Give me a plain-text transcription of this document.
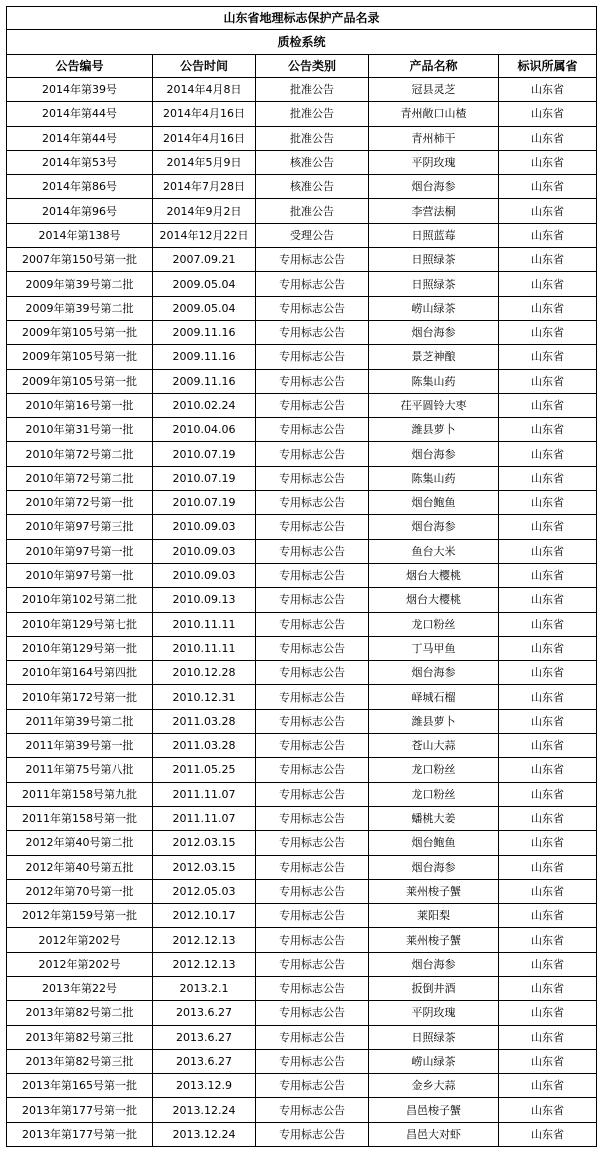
山东省地理标志保护产品名录				
质检系统				
公告编号	公告时间	公告类别	产品名称	标识所属省
2014年第39号	2014年4月8日	批准公告	冠县灵芝	山东省
2014年第44号	2014年4月16日	批准公告	青州敞口山楂	山东省
2014年第44号	2014年4月16日	批准公告	青州柿干	山东省
2014年第53号	2014年5月9日	核准公告	平阴玫瑰	山东省
2014年第86号	2014年7月28日	核准公告	烟台海参	山东省
2014年第96号	2014年9月2日	批准公告	李营法桐	山东省
2014年第138号	2014年12月22日	受理公告	日照蓝莓	山东省
2007年第150号第一批	2007.09.21	专用标志公告	日照绿茶	山东省
2009年第39号第二批	2009.05.04	专用标志公告	日照绿茶	山东省
2009年第39号第二批	2009.05.04	专用标志公告	崂山绿茶	山东省
2009年第105号第一批	2009.11.16	专用标志公告	烟台海参	山东省
2009年第105号第一批	2009.11.16	专用标志公告	景芝神酿	山东省
2009年第105号第一批	2009.11.16	专用标志公告	陈集山药	山东省
2010年第16号第一批	2010.02.24	专用标志公告	茌平圆铃大枣	山东省
2010年第31号第一批	2010.04.06	专用标志公告	潍县萝卜	山东省
2010年第72号第二批	2010.07.19	专用标志公告	烟台海参	山东省
2010年第72号第二批	2010.07.19	专用标志公告	陈集山药	山东省
2010年第72号第一批	2010.07.19	专用标志公告	烟台鲍鱼	山东省
2010年第97号第三批	2010.09.03	专用标志公告	烟台海参	山东省
2010年第97号第一批	2010.09.03	专用标志公告	鱼台大米	山东省
2010年第97号第一批	2010.09.03	专用标志公告	烟台大樱桃	山东省
2010年第102号第二批	2010.09.13	专用标志公告	烟台大樱桃	山东省
2010年第129号第七批	2010.11.11	专用标志公告	龙口粉丝	山东省
2010年第129号第一批	2010.11.11	专用标志公告	丁马甲鱼	山东省
2010年第164号第四批	2010.12.28	专用标志公告	烟台海参	山东省
2010年第172号第一批	2010.12.31	专用标志公告	峄城石榴	山东省
2011年第39号第二批	2011.03.28	专用标志公告	潍县萝卜	山东省
2011年第39号第一批	2011.03.28	专用标志公告	苍山大蒜	山东省
2011年第75号第八批	2011.05.25	专用标志公告	龙口粉丝	山东省
2011年第158号第九批	2011.11.07	专用标志公告	龙口粉丝	山东省
2011年第158号第一批	2011.11.07	专用标志公告	蟠桃大姜	山东省
2012年第40号第二批	2012.03.15	专用标志公告	烟台鲍鱼	山东省
2012年第40号第五批	2012.03.15	专用标志公告	烟台海参	山东省
2012年第70号第一批	2012.05.03	专用标志公告	莱州梭子蟹	山东省
2012年第159号第一批	2012.10.17	专用标志公告	莱阳梨	山东省
2012年第202号	2012.12.13	专用标志公告	莱州梭子蟹	山东省
2012年第202号	2012.12.13	专用标志公告	烟台海参	山东省
2013年第22号	2013.2.1	专用标志公告	扳倒井酒	山东省
2013年第82号第二批	2013.6.27	专用标志公告	平阴玫瑰	山东省
2013年第82号第三批	2013.6.27	专用标志公告	日照绿茶	山东省
2013年第82号第三批	2013.6.27	专用标志公告	崂山绿茶	山东省
2013年第165号第一批	2013.12.9	专用标志公告	金乡大蒜	山东省
2013年第177号第一批	2013.12.24	专用标志公告	昌邑梭子蟹	山东省
2013年第177号第一批	2013.12.24	专用标志公告	昌邑大对虾	山东省
